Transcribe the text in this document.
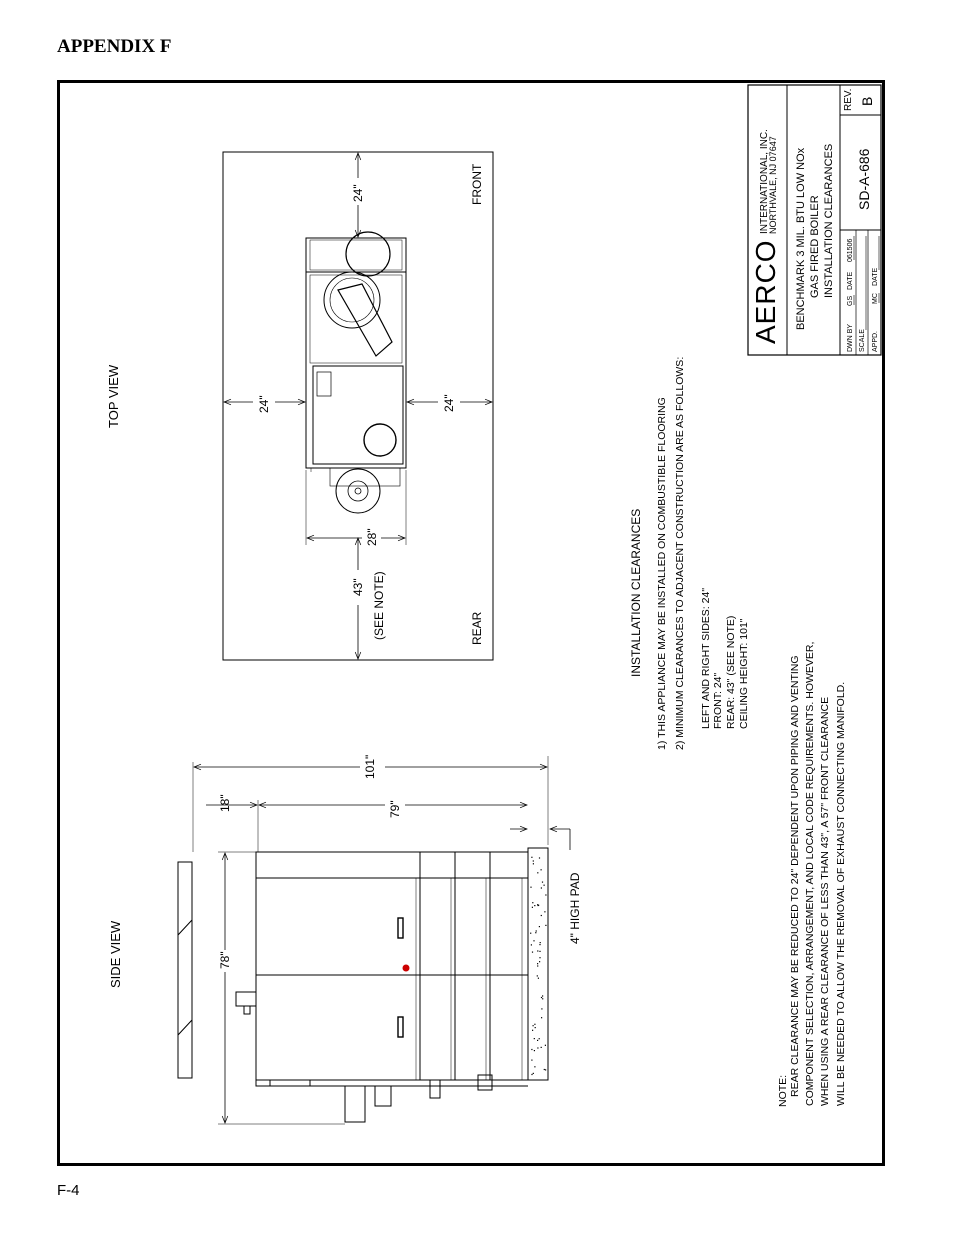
APPENDIX F
F-4
AERCO
INTERNATIONAL, INC.
NORTHVALE, NJ 07647 BENCHMARK 3 MIL. BTU LOW NOx GAS FIRED BOILER INSTALLATION CLEARANCES
DWN BY
GS
DATE
061506
SCALE APPD.
MC
DATE
SD-A-686
REV. B
TOP VIEW
FRONT
REAR
24"
24"	24"
28"
43" (SEE NOTE)	INSTALLATION CLEARANCES 1) THIS APPLIANCE MAY BE INSTALLED ON COMBUSTIBLE FLOORING 2) MINIMUM CLEARANCES TO ADJACENT CONSTRUCTION ARE AS FOLLOWS: LEFT AND RIGHT SIDES: 24" FRONT: 24" REAR: 43" (SEE NOTE) CEILING HEIGHT: 101"
NOTE: REAR CLEARANCE MAY BE REDUCED TO 24" DEPENDENT UPON PIPING AND VENTING COMPONENT SELECTION, ARRANGEMENT, AND LOCAL CODE REQUIREMENTS. HOWEVER, WHEN USING A REAR CLEARANCE OF LESS THAN 43", A 57" FRONT CLEARANCE WILL BE NEEDED TO ALLOW THE REMOVAL OF EXHAUST CONNECTING MANIFOLD.
SIDE VIEW
4" HIGH PAD
101"
18"	79"
78"
